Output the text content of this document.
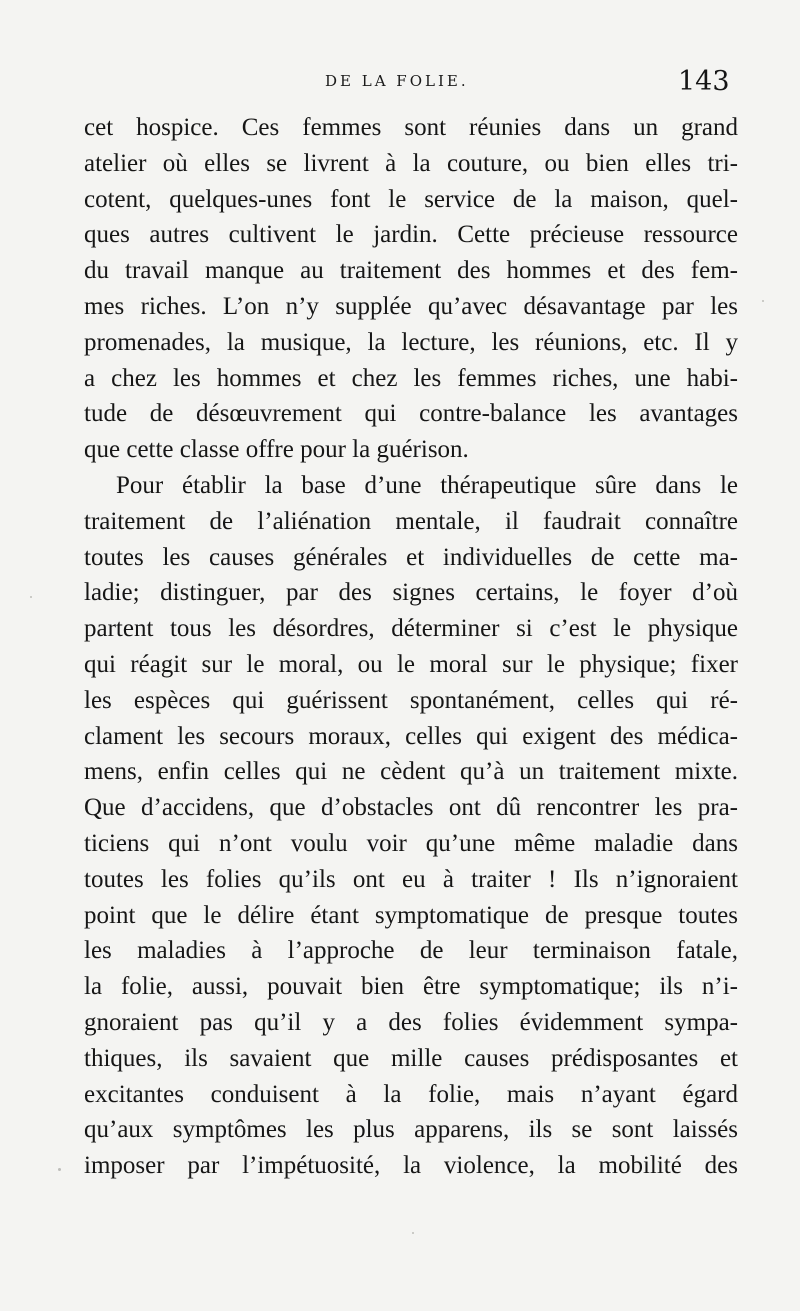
DE LA FOLIE.	143
cet hospice. Ces femmes sont réunies dans un grand
atelier où elles se livrent à la couture, ou bien elles tri-
cotent, quelques-unes font le service de la maison, quel-
ques autres cultivent le jardin. Cette précieuse ressource
du travail manque au traitement des hommes et des fem-
mes riches. L’on n’y supplée qu’avec désavantage par les
promenades, la musique, la lecture, les réunions, etc. Il y
a chez les hommes et chez les femmes riches, une habi-
tude de désœuvrement qui contre-balance les avantages
que cette classe offre pour la guérison.
Pour établir la base d’une thérapeutique sûre dans le
traitement de l’aliénation mentale, il faudrait connaître
toutes les causes générales et individuelles de cette ma-
ladie; distinguer, par des signes certains, le foyer d’où
partent tous les désordres, déterminer si c’est le physique
qui réagit sur le moral, ou le moral sur le physique; fixer
les espèces qui guérissent spontanément, celles qui ré-
clament les secours moraux, celles qui exigent des médica-
mens, enfin celles qui ne cèdent qu’à un traitement mixte.
Que d’accidens, que d’obstacles ont dû rencontrer les pra-
ticiens qui n’ont voulu voir qu’une même maladie dans
toutes les folies qu’ils ont eu à traiter ! Ils n’ignoraient
point que le délire étant symptomatique de presque toutes
les maladies à l’approche de leur terminaison fatale,
la folie, aussi, pouvait bien être symptomatique; ils n’i-
gnoraient pas qu’il y a des folies évidemment sympa-
thiques, ils savaient que mille causes prédisposantes et
excitantes conduisent à la folie, mais n’ayant égard
qu’aux symptômes les plus apparens, ils se sont laissés
imposer par l’impétuosité, la violence, la mobilité des
